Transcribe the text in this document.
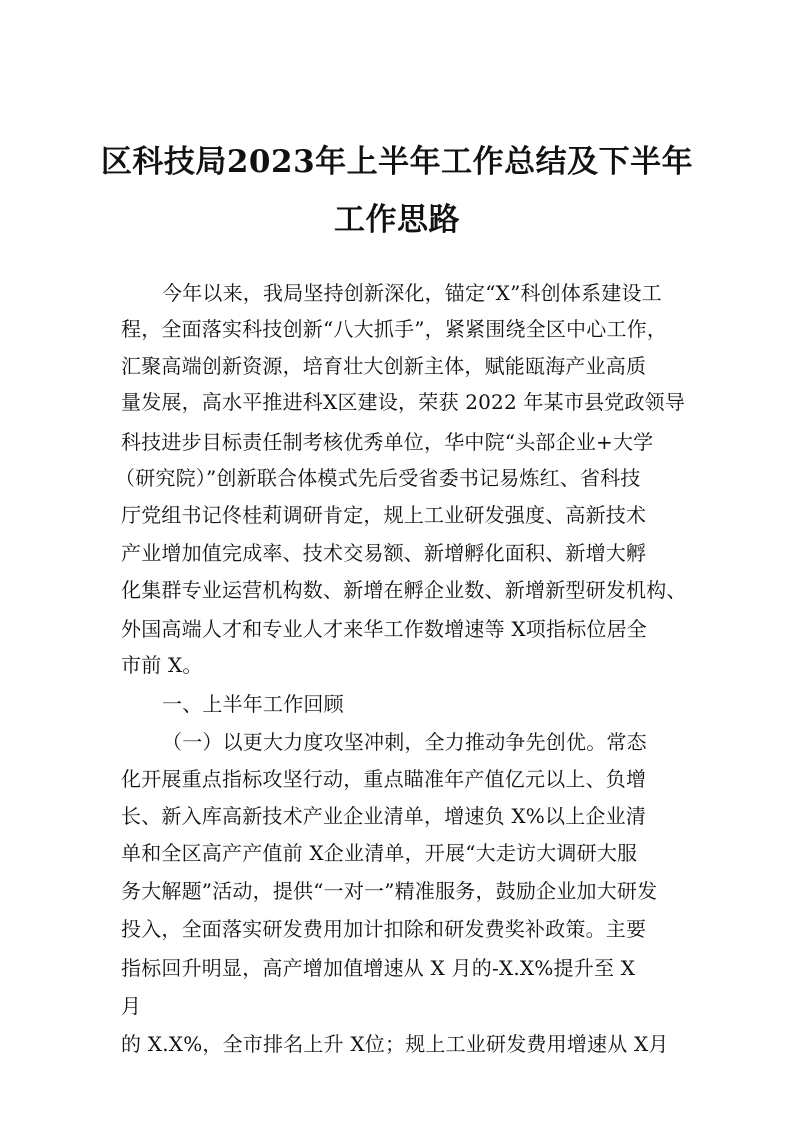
区科技局2023年上半年工作总结及下半年
工作思路
今年以来，我局坚持创新深化，锚定“X”科创体系建设工
程，全面落实科技创新“八大抓手”，紧紧围绕全区中心工作，
汇聚高端创新资源，培育壮大创新主体，赋能瓯海产业高质
量发展，高水平推进科X区建设，荣获 2022 年某市县党政领导
科技进步目标责任制考核优秀单位，华中院“头部企业+大学
（研究院）”创新联合体模式先后受省委书记易炼红、省科技
厅党组书记佟桂莉调研肯定，规上工业研发强度、高新技术
产业增加值完成率、技术交易额、新增孵化面积、新增大孵
化集群专业运营机构数、新增在孵企业数、新增新型研发机构、
外国高端人才和专业人才来华工作数增速等 X项指标位居全
市前 X。
一、上半年工作回顾
（一）以更大力度攻坚冲刺，全力推动争先创优。常态
化开展重点指标攻坚行动，重点瞄准年产值亿元以上、负增
长、新入库高新技术产业企业清单，增速负 X%以上企业清
单和全区高产产值前 X企业清单，开展“大走访大调研大服
务大解题”活动，提供“一对一”精准服务，鼓励企业加大研发
投入，全面落实研发费用加计扣除和研发费奖补政策。主要
指标回升明显，高产增加值增速从 X 月的-X.X%提升至 X
月
的 X.X%，全市排名上升 X位；规上工业研发费用增速从 X月
